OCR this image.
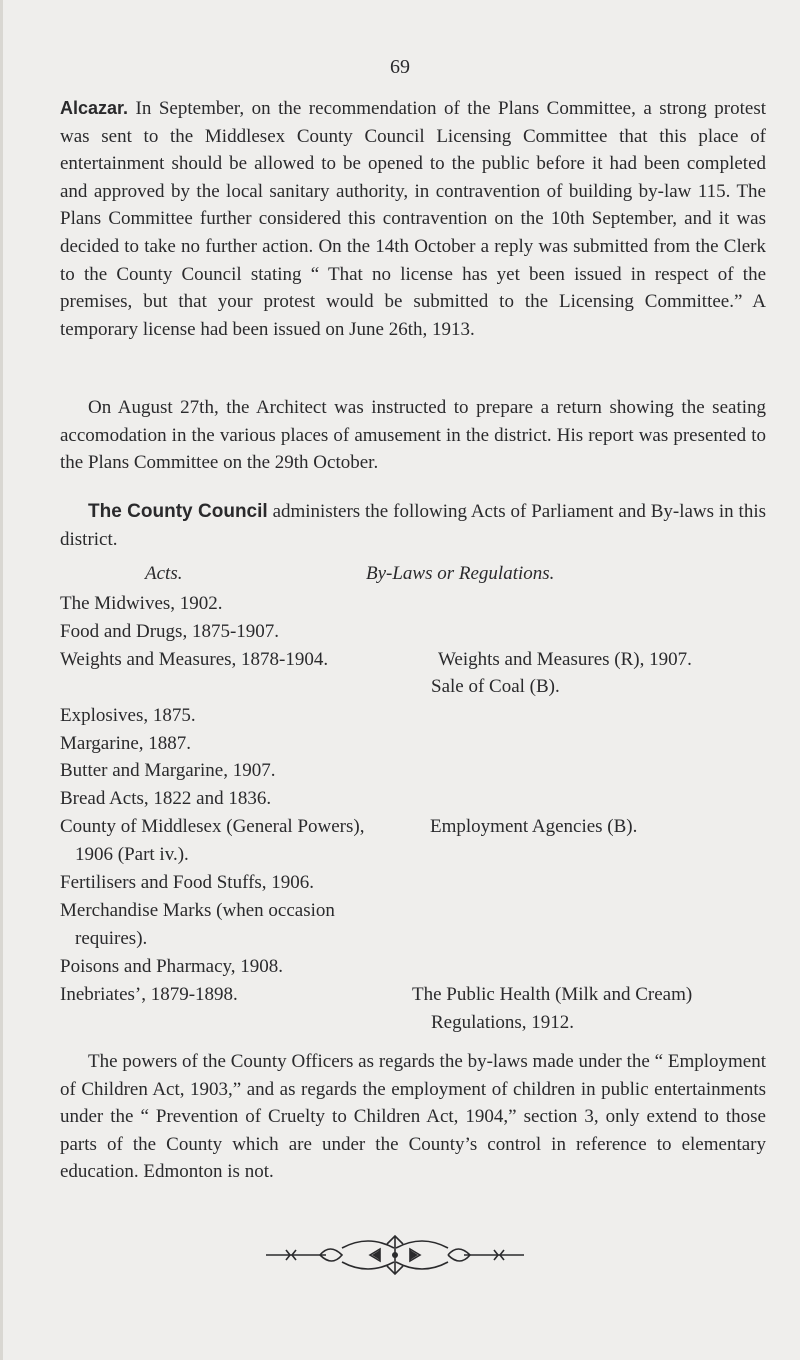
69

Alcazar. In September, on the recommendation of the Plans Committee, a strong protest was sent to the Middlesex County Council Licensing Committee that this place of entertainment should be allowed to be opened to the public before it had been completed and approved by the local sanitary authority, in contravention of building by-law 115. The Plans Committee further considered this contravention on the 10th September, and it was decided to take no further action. On the 14th October a reply was submitted from the Clerk to the County Council stating “ That no license has yet been issued in respect of the premises, but that your protest would be submitted to the Licensing Committee.” A temporary license had been issued on June 26th, 1913.

On August 27th, the Architect was instructed to prepare a return showing the seating accomodation in the various places of amusement in the district. His report was presented to the Plans Committee on the 29th October.

The County Council administers the following Acts of Parliament and By-laws in this district.

Acts.	By-Laws or Regulations.
The Midwives, 1902.
Food and Drugs, 1875-1907.
Weights and Measures, 1878-1904.
Explosives, 1875.
Margarine, 1887.
Butter and Margarine, 1907.
Bread Acts, 1822 and 1836.
County of Middlesex (General Powers),
1906 (Part iv.).
Fertilisers and Food Stuffs, 1906.
Merchandise Marks (when occasion
requires).
Poisons and Pharmacy, 1908.
Inebriates’, 1879-1898.
Weights and Measures (R), 1907.
Sale of Coal (B).
Employment Agencies (B).
The Public Health (Milk and Cream)
Regulations, 1912.

The powers of the County Officers as regards the by-laws made under the “ Employment of Children Act, 1903,” and as regards the employment of children in public entertainments under the “ Prevention of Cruelty to Children Act, 1904,” section 3, only extend to those parts of the County which are under the County’s control in reference to elementary education. Edmonton is not.
